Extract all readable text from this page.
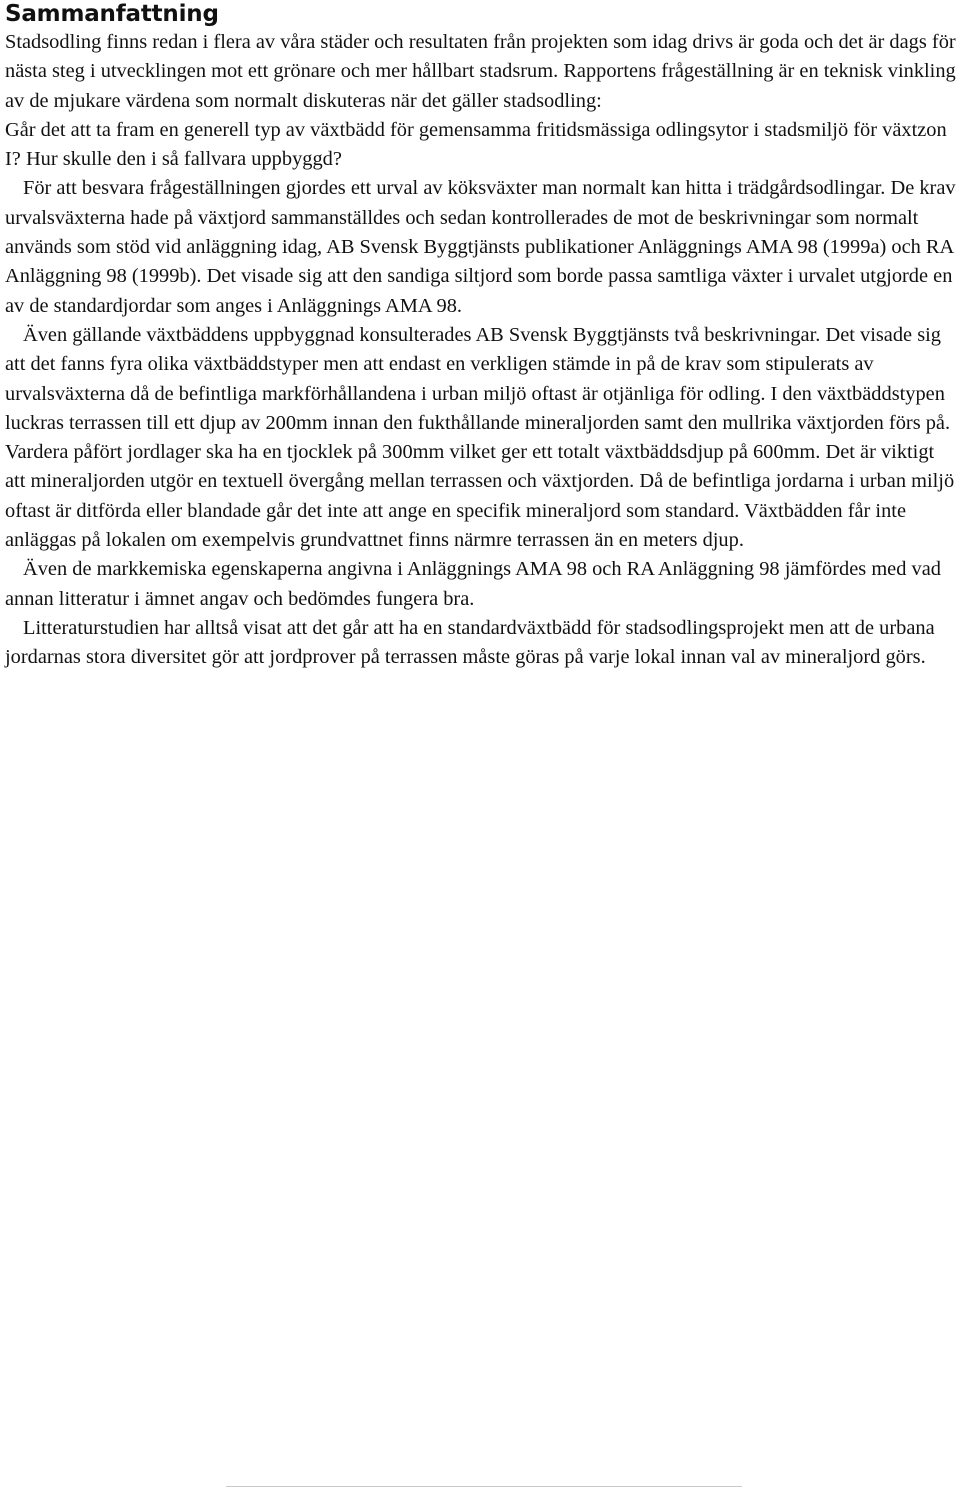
Sammanfattning

Stadsodling finns redan i flera av våra städer och resultaten från projekten som idag drivs är goda och det är dags för nästa steg i utvecklingen mot ett grönare och mer hållbart stadsrum. Rapportens frågeställning är en teknisk vinkling av de mjukare värdena som normalt diskuteras när det gäller stadsodling:

Går det att ta fram en generell typ av växtbädd för gemensamma fritidsmässiga odlingsytor i stadsmiljö för växtzon I? Hur skulle den i så fallvara uppbyggd?

För att besvara frågeställningen gjordes ett urval av köksväxter man normalt kan hitta i trädgårdsodlingar. De krav urvalsväxterna hade på växtjord sammanställdes och sedan kontrollerades de mot de beskrivningar som normalt används som stöd vid anläggning idag, AB Svensk Byggtjänsts publikationer Anläggnings AMA 98 (1999a) och RA Anläggning 98 (1999b). Det visade sig att den sandiga siltjord som borde passa samtliga växter i urvalet utgjorde en av de standardjordar som anges i Anläggnings AMA 98.

Även gällande växtbäddens uppbyggnad konsulterades AB Svensk Byggtjänsts två beskrivningar. Det visade sig att det fanns fyra olika växtbäddstyper men att endast en verkligen stämde in på de krav som stipulerats av urvalsväxterna då de befintliga markförhållandena i urban miljö oftast är otjänliga för odling. I den växtbäddstypen luckras terrassen till ett djup av 200mm innan den fukthållande mineraljorden samt den mullrika växtjorden förs på. Vardera påfört jordlager ska ha en tjocklek på 300mm vilket ger ett totalt växtbäddsdjup på 600mm. Det är viktigt att mineraljorden utgör en textuell övergång mellan terrassen och växtjorden. Då de befintliga jordarna i urban miljö oftast är ditförda eller blandade går det inte att ange en specifik mineraljord som standard. Växtbädden får inte anläggas på lokalen om exempelvis grundvattnet finns närmre terrassen än en meters djup.

Även de markkemiska egenskaperna angivna i Anläggnings AMA 98 och RA Anläggning 98 jämfördes med vad annan litteratur i ämnet angav och bedömdes fungera bra.

Litteraturstudien har alltså visat att det går att ha en standardväxtbädd för stadsodlingsprojekt men att de urbana jordarnas stora diversitet gör att jordprover på terrassen måste göras på varje lokal innan val av mineraljord görs.
